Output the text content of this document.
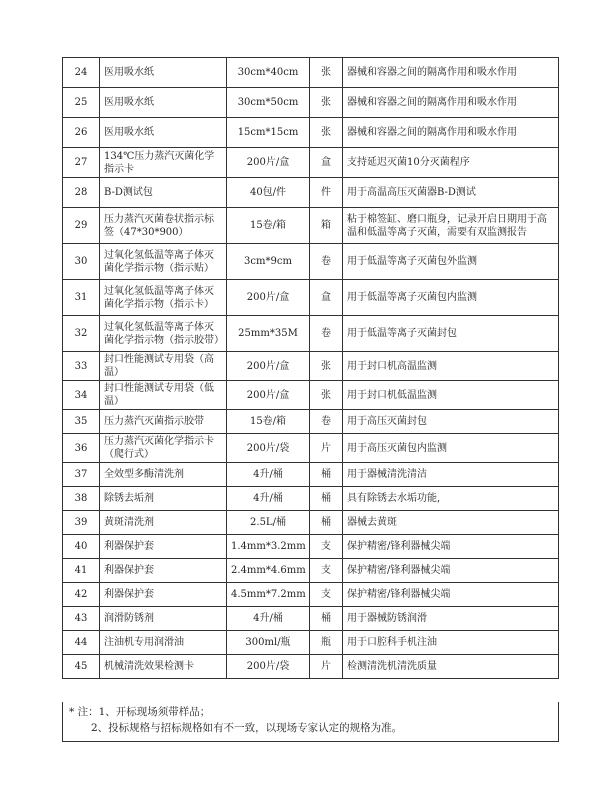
24	医用吸水纸	30cm*40cm	张	器械和容器之间的隔离作用和吸水作用
25	医用吸水纸	30cm*50cm	张	器械和容器之间的隔离作用和吸水作用
26	医用吸水纸	15cm*15cm	张	器械和容器之间的隔离作用和吸水作用
27	134℃压力蒸汽灭菌化学指示卡	200片/盒	盒	支持延迟灭菌10分灭菌程序
28	B-D测试包	40包/件	件	用于高温高压灭菌器B-D测试
29	压力蒸汽灭菌卷状指示标签（47*30*900）	15卷/箱	箱	粘于棉签缸、磨口瓶身，记录开启日期用于高温和低温等离子灭菌，需要有双监测报告
30	过氧化氢低温等离子体灭菌化学指示物（指示贴）	3cm*9cm	卷	用于低温等离子灭菌包外监测
31	过氧化氢低温等离子体灭菌化学指示物（指示卡）	200片/盒	盒	用于低温等离子灭菌包内监测
32	过氧化氢低温等离子体灭菌化学指示物（指示胶带）	25mm*35M	卷	用于低温等离子灭菌封包
33	封口性能测试专用袋（高温）	200片/盒	张	用于封口机高温监测
34	封口性能测试专用袋（低温）	200片/盒	张	用于封口机低温监测
35	压力蒸汽灭菌指示胶带	15卷/箱	卷	用于高压灭菌封包
36	压力蒸汽灭菌化学指示卡（爬行式）	200片/袋	片	用于高压灭菌包内监测
37	全效型多酶清洗剂	4升/桶	桶	用于器械清洗清洁
38	除锈去垢剂	4升/桶	桶	具有除锈去水垢功能,
39	黄斑清洗剂	2.5L/桶	桶	器械去黄斑
40	利器保护套	1.4mm*3.2mm	支	保护精密/锋利器械尖端
41	利器保护套	2.4mm*4.6mm	支	保护精密/锋利器械尖端
42	利器保护套	4.5mm*7.2mm	支	保护精密/锋利器械尖端
43	润滑防锈剂	4升/桶	桶	用于器械防锈润滑
44	注油机专用润滑油	300ml/瓶	瓶	用于口腔科手机注油
45	机械清洗效果检测卡	200片/袋	片	检测清洗机清洗质量
* 注：1、开标现场须带样品；
2、投标规格与招标规格如有不一致，以现场专家认定的规格为准。
